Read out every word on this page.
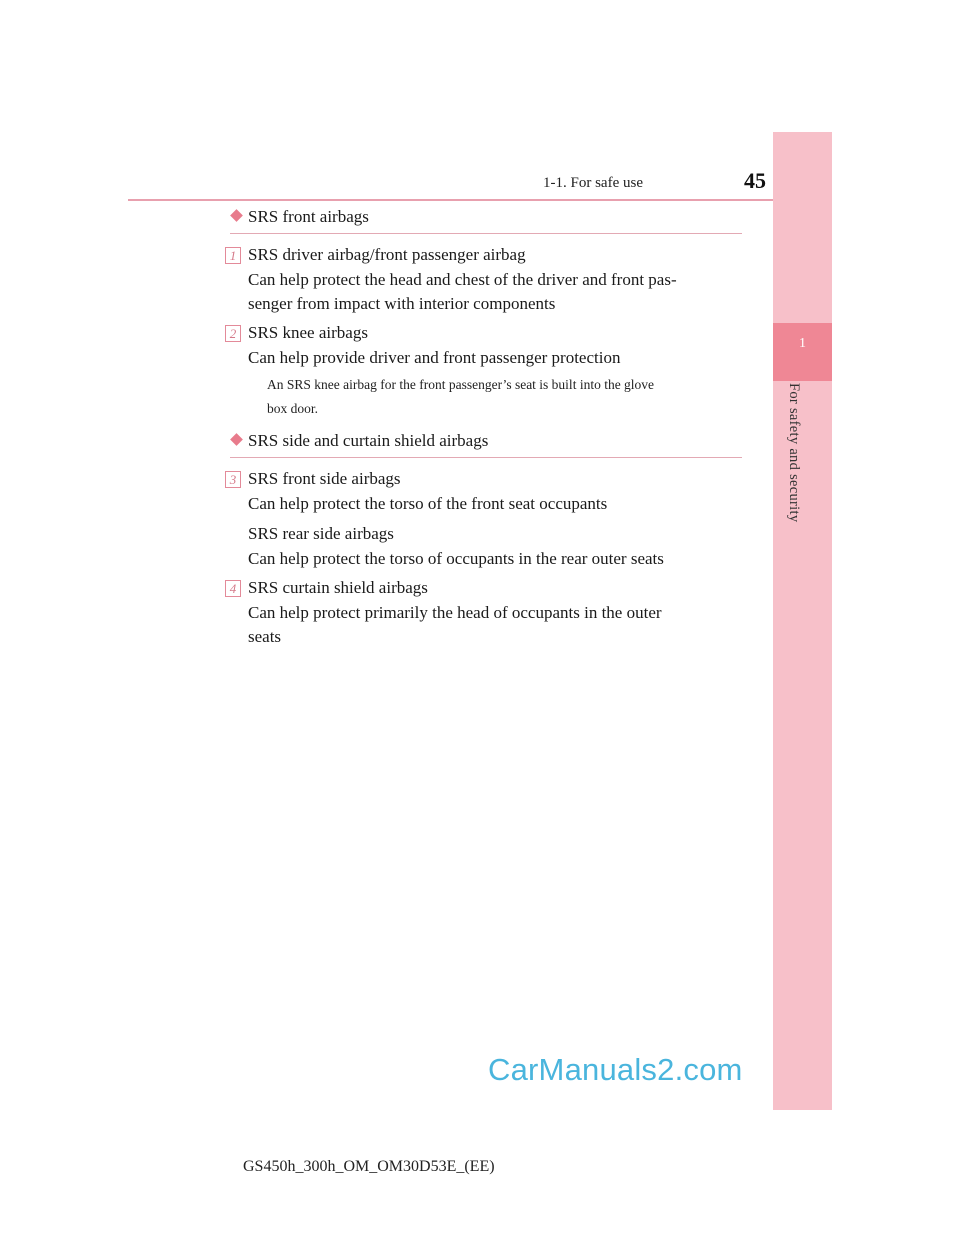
1-1. For safe use	45
1
For safety and security
SRS front airbags
1 SRS driver airbag/front passenger airbag
Can help protect the head and chest of the driver and front pas-
senger from impact with interior components
2 SRS knee airbags
Can help provide driver and front passenger protection
An SRS knee airbag for the front passenger’s seat is built into the glove
box door.
SRS side and curtain shield airbags
3 SRS front side airbags
Can help protect the torso of the front seat occupants
SRS rear side airbags
Can help protect the torso of occupants in the rear outer seats
4 SRS curtain shield airbags
Can help protect primarily the head of occupants in the outer
seats
CarManuals2.com
GS450h_300h_OM_OM30D53E_(EE)
